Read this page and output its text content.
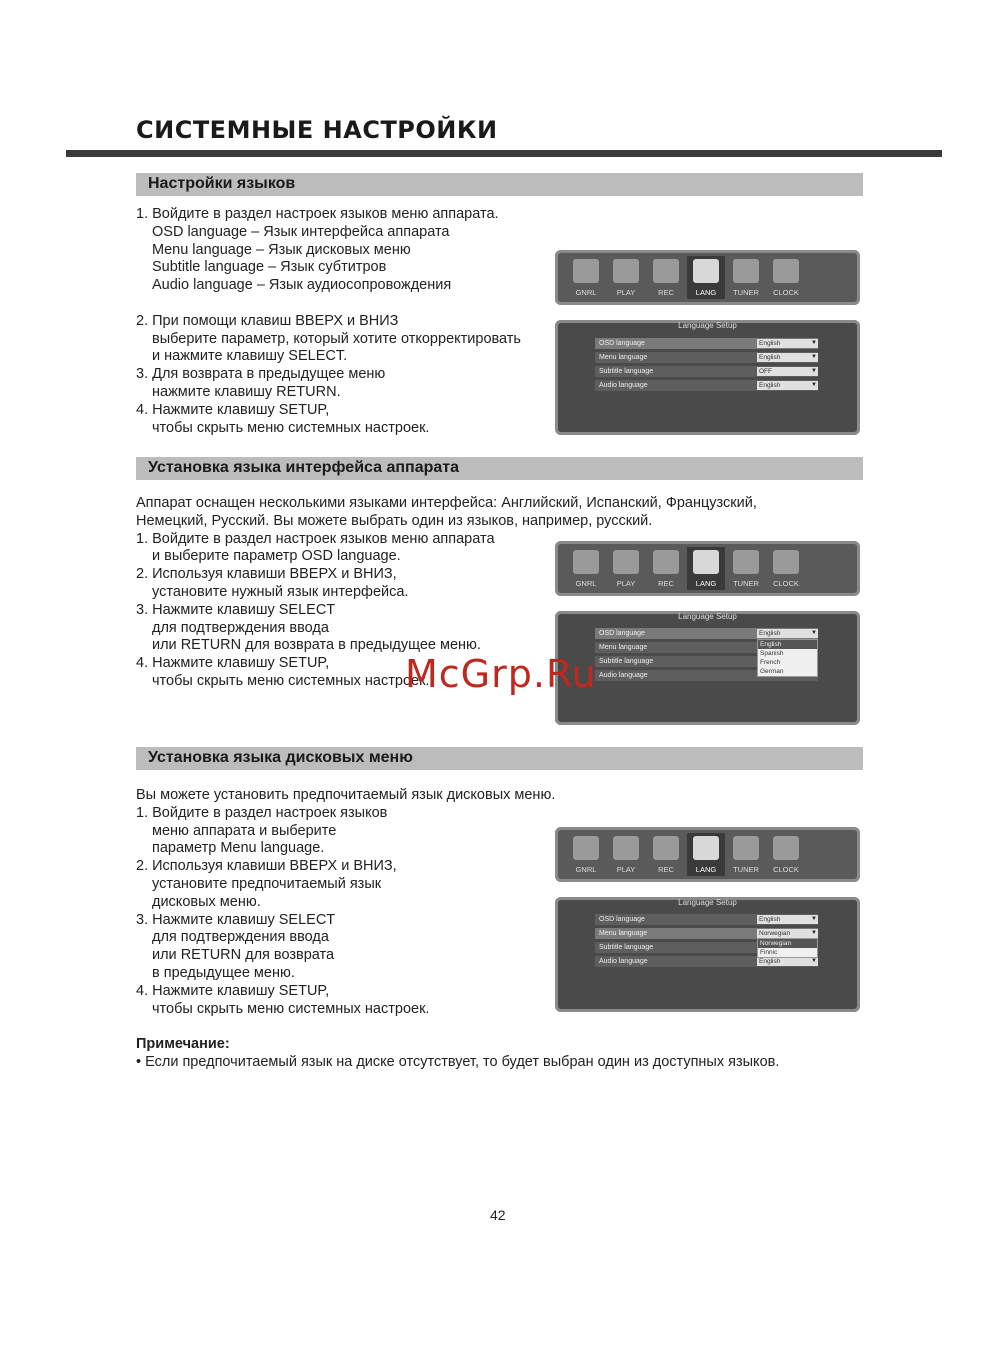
СИСТЕМНЫЕ НАСТРОЙКИ
Настройки языков
1. Войдите в раздел настроек языков меню аппарата.
OSD language – Язык интерфейса аппарата
Menu language – Язык дисковых меню
Subtitle language – Язык субтитров
Audio language – Язык аудиосопровождения
2. При помощи клавиш ВВЕРХ и ВНИЗ
выберите параметр, который хотите откорректировать
и нажмите клавишу SELECT.
3. Для возврата в предыдущее меню
нажмите клавишу RETURN.
4. Нажмите клавишу SETUP,
чтобы скрыть меню системных настроек.
GNRL	PLAY	REC	LANG	TUNER	CLOCK
Language Setup
OSD language	English ▼
Menu language	English ▼
Subtitle language	OFF ▼
Audio language	English ▼
Установка языка интерфейса аппарата
Аппарат оснащен несколькими языками интерфейса: Английский, Испанский, Французский,
Немецкий, Русский. Вы можете выбрать один из языков, например, русский.
1. Войдите в раздел настроек языков меню аппарата
и выберите параметр OSD language.
2. Используя клавиши ВВЕРХ и ВНИЗ,
установите нужный язык интерфейса.
3. Нажмите клавишу SELECT
для подтверждения ввода
или RETURN для возврата в предыдущее меню.
4. Нажмите клавишу SETUP,
чтобы скрыть меню системных настроек.
GNRL	PLAY	REC	LANG	TUNER	CLOCK
Language Setup
OSD language	English ▼
Menu language
Subtitle language
Audio language
English
Spanish
French
German
McGrp.Ru
Установка языка дисковых меню
Вы можете установить предпочитаемый язык дисковых меню.
1. Войдите в раздел настроек языков
меню аппарата и выберите
параметр Menu language.
2. Используя клавиши ВВЕРХ и ВНИЗ,
установите предпочитаемый язык
дисковых меню.
3. Нажмите клавишу SELECT
для подтверждения ввода
или RETURN для возврата
в предыдущее меню.
4. Нажмите клавишу SETUP,
чтобы скрыть меню системных настроек.
GNRL	PLAY	REC	LANG	TUNER	CLOCK
Language Setup
OSD language	English ▼
Menu language	Norwegian ▼
Subtitle language
Audio language	English ▼
Norwegian
Finnic
Примечание:
• Если предпочитаемый язык на диске отсутствует, то будет выбран один из доступных языков.
42
